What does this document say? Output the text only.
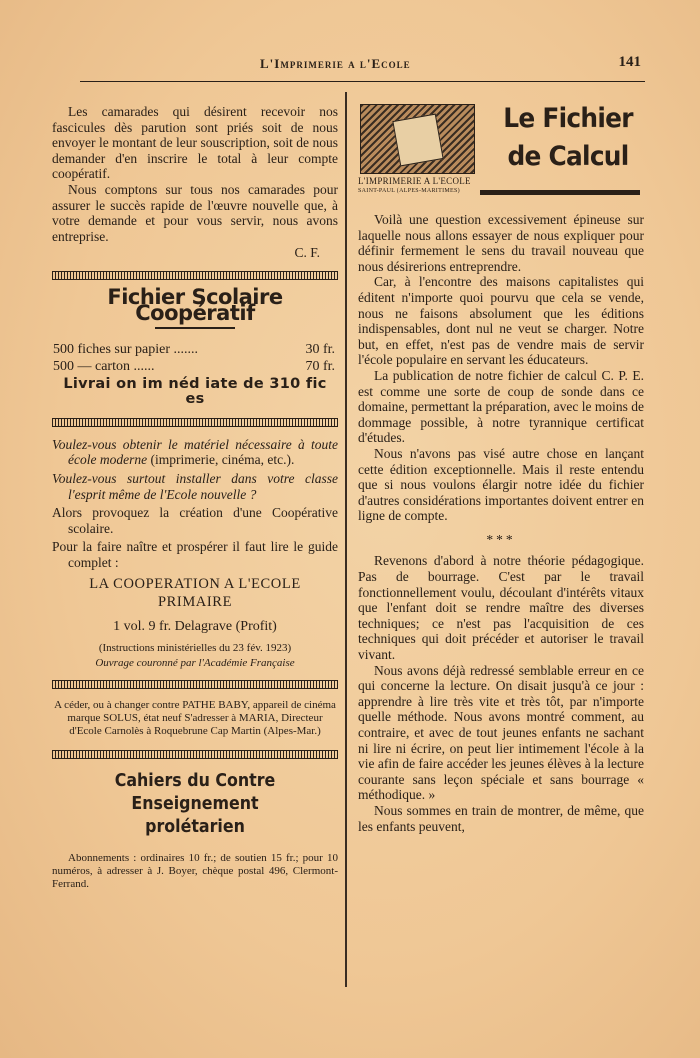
L'Imprimerie a l'Ecole	141

Les camarades qui désirent recevoir nos fascicules dès parution sont priés soit de nous envoyer le montant de leur souscription, soit de nous demander d'en inscrire le total à leur compte coopératif.

Nous comptons sur tous nos camarades pour assurer le succès rapide de l'œuvre nouvelle que, à votre demande et pour vous servir, nous avons entreprise.

C. F.

Fichier Scolaire Coopératif
500 fiches sur papier .......	30 fr.
500 — carton ......	70 fr.
Livrai on im néd iate de 310 fic es

Voulez-vous obtenir le matériel nécessaire à toute école moderne (imprimerie, cinéma, etc.).

Voulez-vous surtout installer dans votre classe l'esprit même de l'Ecole nouvelle ?

Alors provoquez la création d'une Coopérative scolaire.

Pour la faire naître et prospérer il faut lire le guide complet :

LA COOPERATION A L'ECOLE

PRIMAIRE

1 vol. 9 fr. Delagrave (Profit)

(Instructions ministérielles du 23 fév. 1923)

Ouvrage couronné par l'Académie Française

A céder, ou à changer contre PATHE BABY, appareil de cinéma marque SOLUS, état neuf S'adresser à MARIA, Directeur d'Ecole Carnolès à Roquebrune Cap Martin (Alpes-Mar.)

Cahiers du Contre Enseignement
prolétarien

Abonnements : ordinaires 10 fr.; de soutien 15 fr.; pour 10 numéros, à adresser à J. Boyer, chèque postal 496, Clermont-Ferrand.

L'IMPRIMERIE A L'ECOLE
SAINT-PAUL (ALPES-MARITIMES)
Le Fichier
de Calcul

Voilà une question excessivement épineuse sur laquelle nous allons essayer de nous expliquer pour définir fermement le sens du travail nouveau que nous désirerions entreprendre.

Car, à l'encontre des maisons capitalistes qui éditent n'importe quoi pourvu que cela se vende, nous ne faisons absolument que les éditions indispensables, dont nul ne veut se charger. Notre but, en effet, n'est pas de vendre mais de servir l'école populaire en servant les éducateurs.

La publication de notre fichier de calcul C. P. E. est comme une sorte de coup de sonde dans ce domaine, permettant la préparation, avec le moins de dommage possible, à notre tyrannique certificat d'études.

Nous n'avons pas visé autre chose en lançant cette édition exceptionnelle. Mais il reste entendu que si nous voulons élargir notre idée du fichier d'autres considérations importantes doivent entrer en ligne de compte.

***

Revenons d'abord à notre théorie pédagogique. Pas de bourrage. C'est par le travail fonctionnellement voulu, découlant d'intérêts vitaux que l'enfant doit se rendre maître des diverses techniques; ce n'est pas l'acquisition de ces techniques qui doit précéder et autoriser le travail vivant.

Nous avons déjà redressé semblable erreur en ce qui concerne la lecture. On disait jusqu'à ce jour : apprendre à lire très vite et très tôt, par n'importe quelle méthode. Nous avons montré comment, au contraire, et avec de tout jeunes enfants ne sachant ni lire ni écrire, on peut lier intimement l'école à la vie afin de faire accéder les jeunes élèves à la lecture courante sans leçon spéciale et sans bourrage « méthodique. »

Nous sommes en train de montrer, de même, que les enfants peuvent,
